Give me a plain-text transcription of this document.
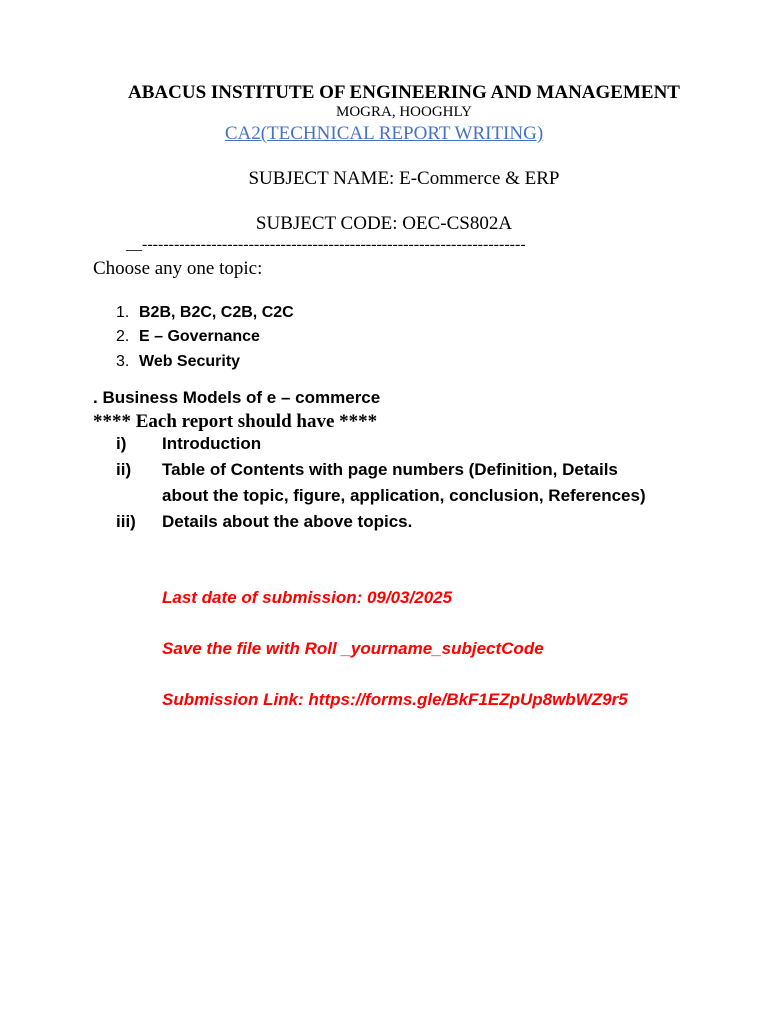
ABACUS INSTITUTE OF ENGINEERING AND MANAGEMENT
MOGRA, HOOGHLY
CA2(TECHNICAL REPORT WRITING)
SUBJECT NAME: E-Commerce & ERP
SUBJECT CODE: OEC-CS802A
__------------------------------------------------------------------------
Choose any one topic:
1. B2B, B2C, C2B, C2C
2. E – Governance
3. Web Security
. Business Models of e – commerce
**** Each report should have ****
i) Introduction
ii) Table of Contents with page numbers (Definition, Details
about the topic, figure, application, conclusion, References)
iii) Details about the above topics.
Last date of submission: 09/03/2025
Save the file with Roll _yourname_subjectCode
Submission Link: https://forms.gle/BkF1EZpUp8wbWZ9r5
